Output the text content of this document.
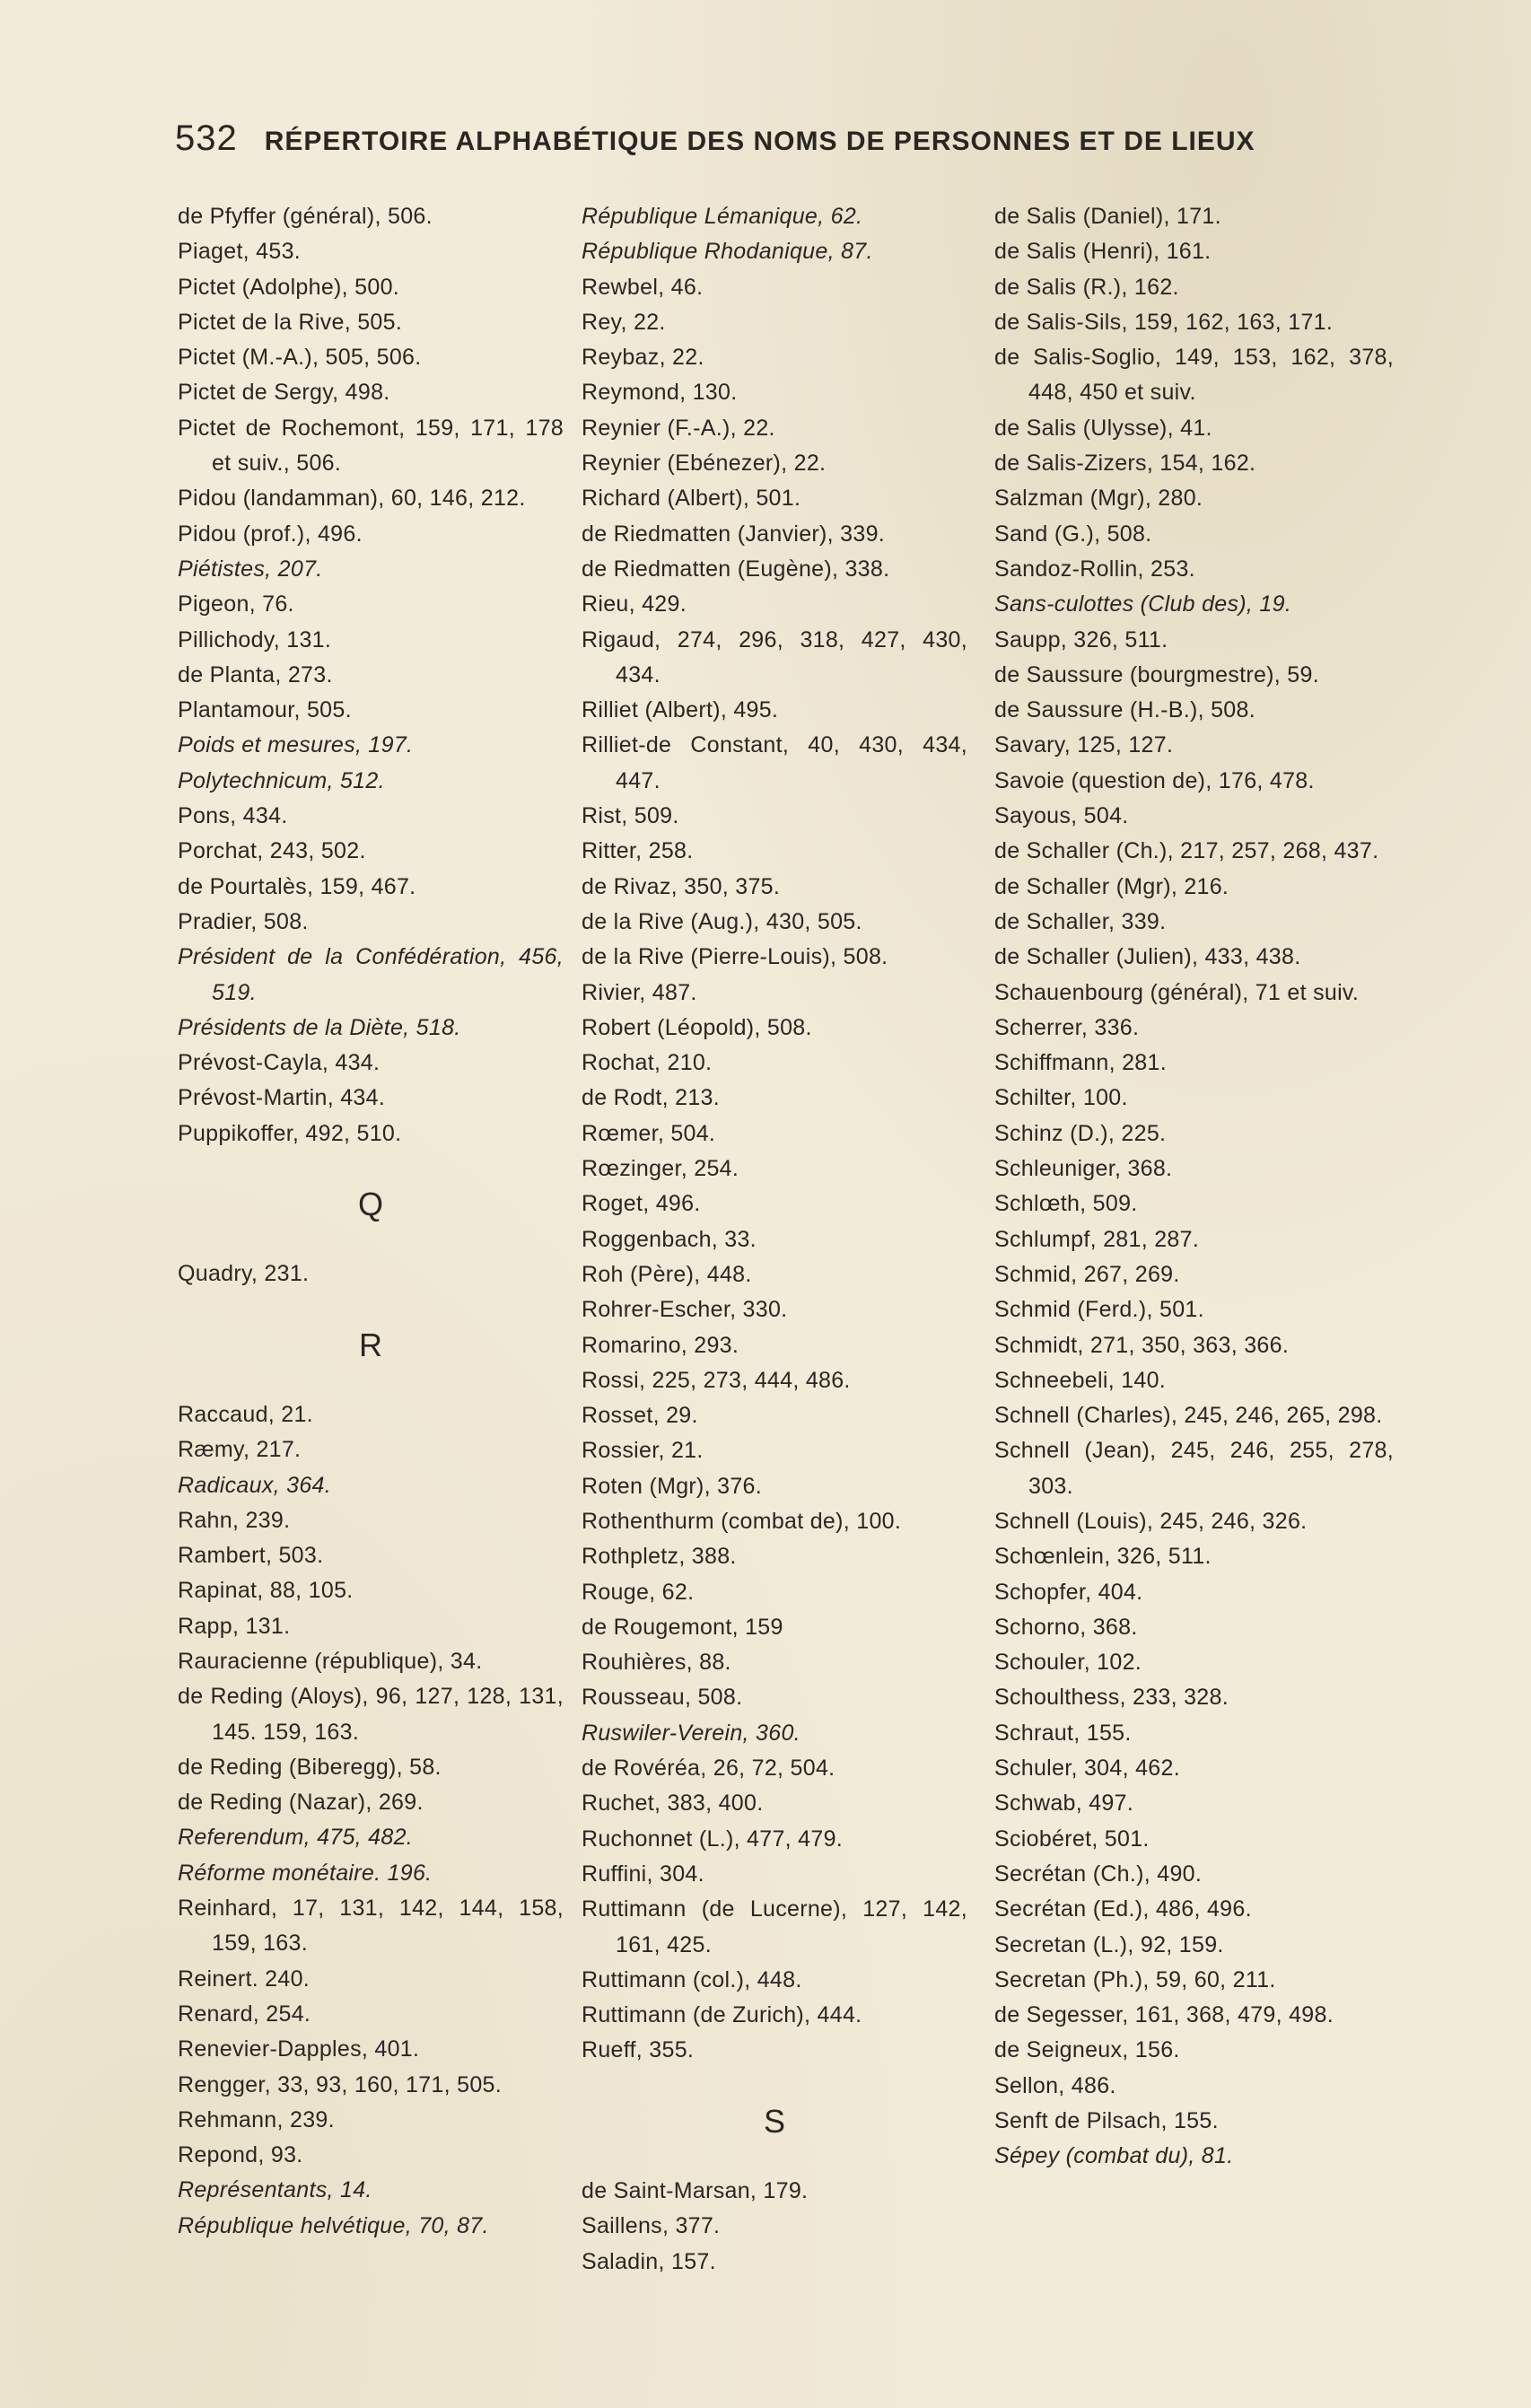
532 RÉPERTOIRE ALPHABÉTIQUE DES NOMS DE PERSONNES ET DE LIEUX
de Pfyffer (général), 506.
Piaget, 453.
Pictet (Adolphe), 500.
Pictet de la Rive, 505.
Pictet (M.-A.), 505, 506.
Pictet de Sergy, 498.
Pictet de Rochemont, 159, 171, 178 et suiv., 506.
Pidou (landamman), 60, 146, 212.
Pidou (prof.), 496.
Piétistes, 207.
Pigeon, 76.
Pillichody, 131.
de Planta, 273.
Plantamour, 505.
Poids et mesures, 197.
Polytechnicum, 512.
Pons, 434.
Porchat, 243, 502.
de Pourtalès, 159, 467.
Pradier, 508.
Président de la Confédération, 456, 519.
Présidents de la Diète, 518.
Prévost-Cayla, 434.
Prévost-Martin, 434.
Puppikoffer, 492, 510.
Q
Quadry, 231.
R
Raccaud, 21.
Ræmy, 217.
Radicaux, 364.
Rahn, 239.
Rambert, 503.
Rapinat, 88, 105.
Rapp, 131.
Rauracienne (république), 34.
de Reding (Aloys), 96, 127, 128, 131, 145. 159, 163.
de Reding (Biberegg), 58.
de Reding (Nazar), 269.
Referendum, 475, 482.
Réforme monétaire. 196.
Reinhard, 17, 131, 142, 144, 158, 159, 163.
Reinert. 240.
Renard, 254.
Renevier-Dapples, 401.
Rengger, 33, 93, 160, 171, 505.
Rehmann, 239.
Repond, 93.
Représentants, 14.
République helvétique, 70, 87.
République Lémanique, 62.
République Rhodanique, 87.
Rewbel, 46.
Rey, 22.
Reybaz, 22.
Reymond, 130.
Reynier (F.-A.), 22.
Reynier (Ebénezer), 22.
Richard (Albert), 501.
de Riedmatten (Janvier), 339.
de Riedmatten (Eugène), 338.
Rieu, 429.
Rigaud, 274, 296, 318, 427, 430, 434.
Rilliet (Albert), 495.
Rilliet-de Constant, 40, 430, 434, 447.
Rist, 509.
Ritter, 258.
de Rivaz, 350, 375.
de la Rive (Aug.), 430, 505.
de la Rive (Pierre-Louis), 508.
Rivier, 487.
Robert (Léopold), 508.
Rochat, 210.
de Rodt, 213.
Rœmer, 504.
Rœzinger, 254.
Roget, 496.
Roggenbach, 33.
Roh (Père), 448.
Rohrer-Escher, 330.
Romarino, 293.
Rossi, 225, 273, 444, 486.
Rosset, 29.
Rossier, 21.
Roten (Mgr), 376.
Rothenthurm (combat de), 100.
Rothpletz, 388.
Rouge, 62.
de Rougemont, 159
Rouhières, 88.
Rousseau, 508.
Ruswiler-Verein, 360.
de Rovéréa, 26, 72, 504.
Ruchet, 383, 400.
Ruchonnet (L.), 477, 479.
Ruffini, 304.
Ruttimann (de Lucerne), 127, 142, 161, 425.
Ruttimann (col.), 448.
Ruttimann (de Zurich), 444.
Rueff, 355.
S
de Saint-Marsan, 179.
Saillens, 377.
Saladin, 157.
de Salis (Daniel), 171.
de Salis (Henri), 161.
de Salis (R.), 162.
de Salis-Sils, 159, 162, 163, 171.
de Salis-Soglio, 149, 153, 162, 378, 448, 450 et suiv.
de Salis (Ulysse), 41.
de Salis-Zizers, 154, 162.
Salzman (Mgr), 280.
Sand (G.), 508.
Sandoz-Rollin, 253.
Sans-culottes (Club des), 19.
Saupp, 326, 511.
de Saussure (bourgmestre), 59.
de Saussure (H.-B.), 508.
Savary, 125, 127.
Savoie (question de), 176, 478.
Sayous, 504.
de Schaller (Ch.), 217, 257, 268, 437.
de Schaller (Mgr), 216.
de Schaller, 339.
de Schaller (Julien), 433, 438.
Schauenbourg (général), 71 et suiv.
Scherrer, 336.
Schiffmann, 281.
Schilter, 100.
Schinz (D.), 225.
Schleuniger, 368.
Schlœth, 509.
Schlumpf, 281, 287.
Schmid, 267, 269.
Schmid (Ferd.), 501.
Schmidt, 271, 350, 363, 366.
Schneebeli, 140.
Schnell (Charles), 245, 246, 265, 298.
Schnell (Jean), 245, 246, 255, 278, 303.
Schnell (Louis), 245, 246, 326.
Schœnlein, 326, 511.
Schopfer, 404.
Schorno, 368.
Schouler, 102.
Schoulthess, 233, 328.
Schraut, 155.
Schuler, 304, 462.
Schwab, 497.
Sciobéret, 501.
Secrétan (Ch.), 490.
Secrétan (Ed.), 486, 496.
Secretan (L.), 92, 159.
Secretan (Ph.), 59, 60, 211.
de Segesser, 161, 368, 479, 498.
de Seigneux, 156.
Sellon, 486.
Senft de Pilsach, 155.
Sépey (combat du), 81.
